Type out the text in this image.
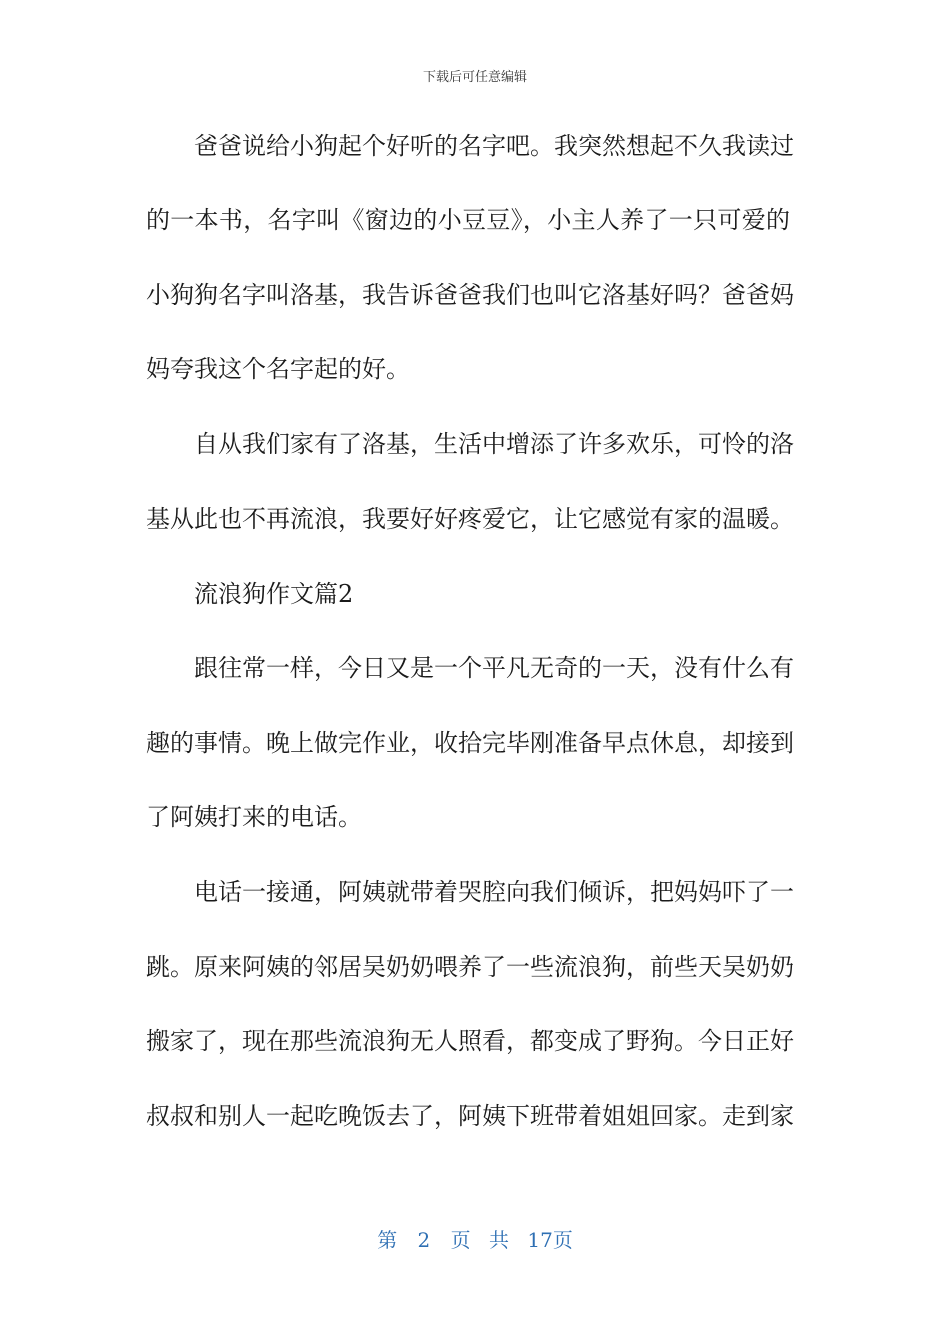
下载后可任意编辑
爸爸说给小狗起个好听的名字吧。我突然想起不久我读过
的一本书，名字叫《窗边的小豆豆》，小主人养了一只可爱的
小狗狗名字叫洛基，我告诉爸爸我们也叫它洛基好吗？爸爸妈
妈夸我这个名字起的好。
自从我们家有了洛基，生活中增添了许多欢乐，可怜的洛
基从此也不再流浪，我要好好疼爱它，让它感觉有家的温暖。
流浪狗作文篇2
跟往常一样，今日又是一个平凡无奇的一天，没有什么有
趣的事情。晚上做完作业，收拾完毕刚准备早点休息，却接到
了阿姨打来的电话。
电话一接通，阿姨就带着哭腔向我们倾诉，把妈妈吓了一
跳。原来阿姨的邻居吴奶奶喂养了一些流浪狗，前些天吴奶奶
搬家了，现在那些流浪狗无人照看，都变成了野狗。今日正好
叔叔和别人一起吃晚饭去了，阿姨下班带着姐姐回家。走到家
第 2 页 共 17页
